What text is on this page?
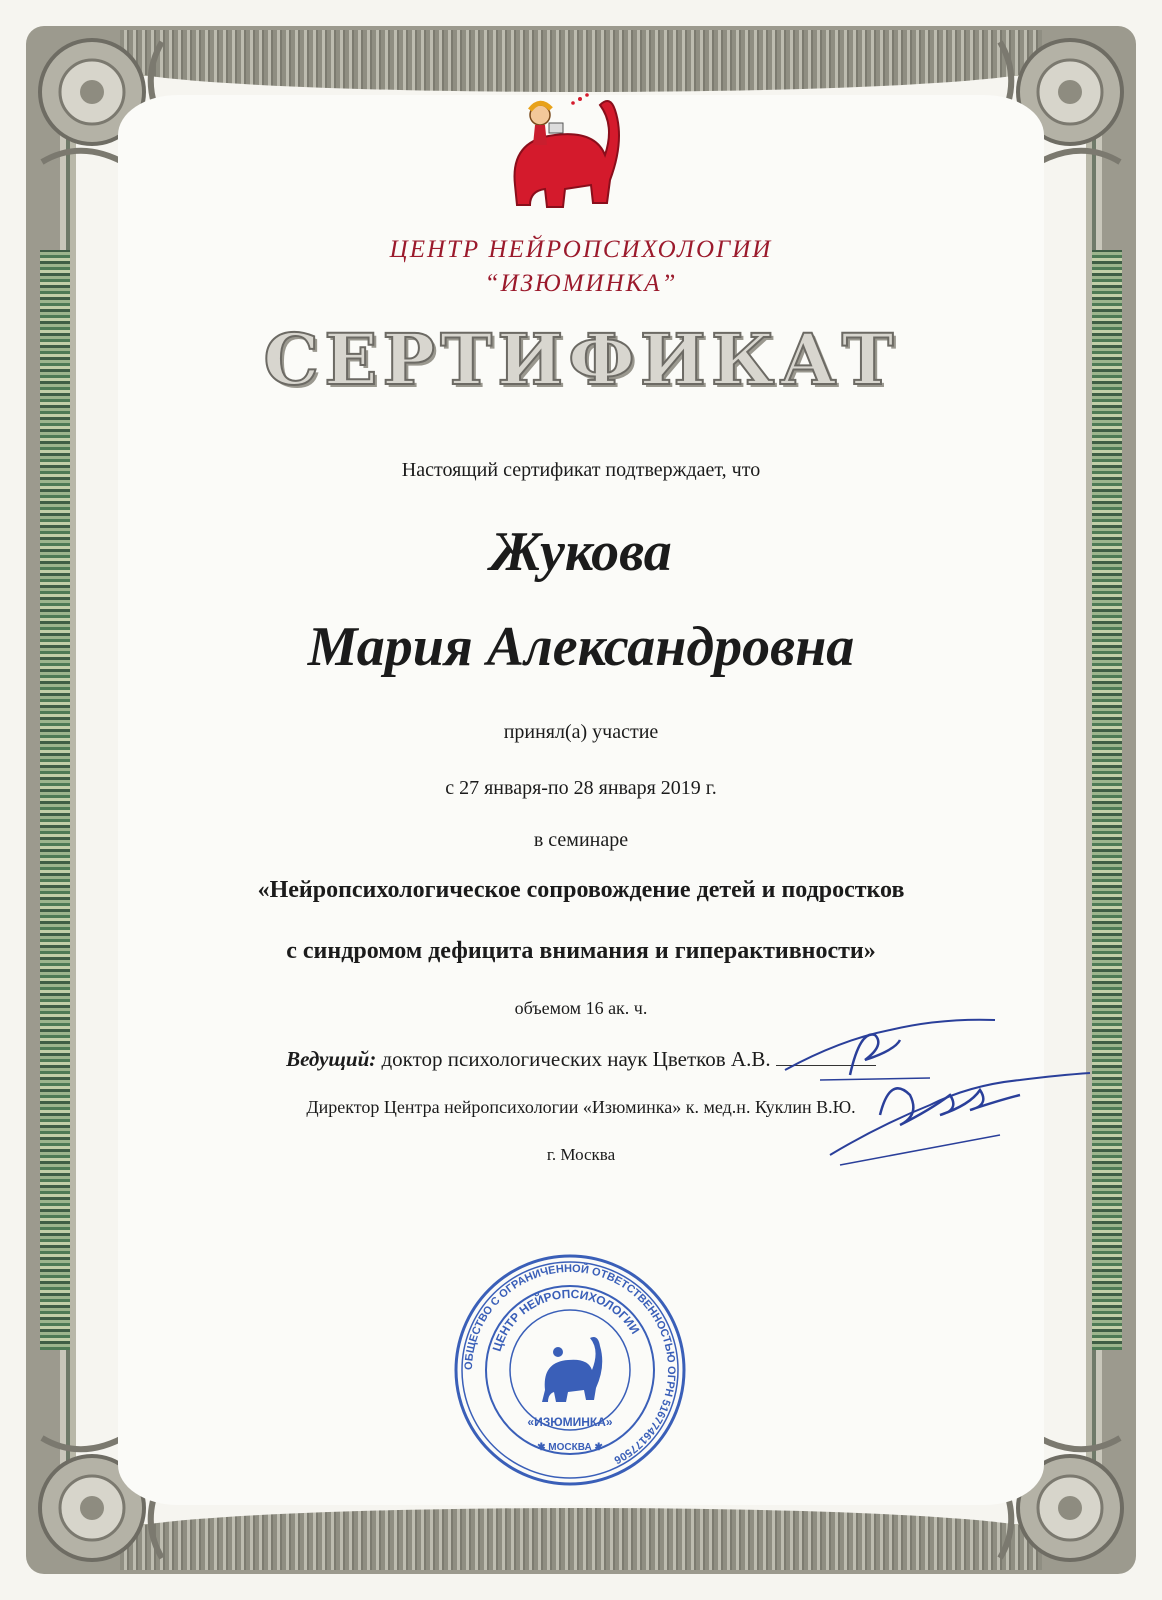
ЦЕНТР НЕЙРОПСИХОЛОГИИ
“ИЗЮМИНКА”
СЕРТИФИКАТ
Настоящий сертификат подтверждает, что
Жукова
Мария Александровна
принял(а) участие
с 27 января-по 28 января 2019 г.
в семинаре
«Нейропсихологическое сопровождение детей и подростков
с синдромом дефицита внимания и гиперактивности»
объемом 16 ак. ч.
Ведущий: доктор психологических наук Цветков А.В.
Директор Центра нейропсихологии «Изюминка» к. мед.н. Куклин В.Ю.
г. Москва
ОБЩЕСТВО С ОГРАНИЧЕННОЙ ОТВЕТСТВЕННОСТЬЮ ОГРН 5167746177506
ЦЕНТР НЕЙРОПСИХОЛОГИИ
«ИЗЮМИНКА»
✱ МОСКВА ✱
